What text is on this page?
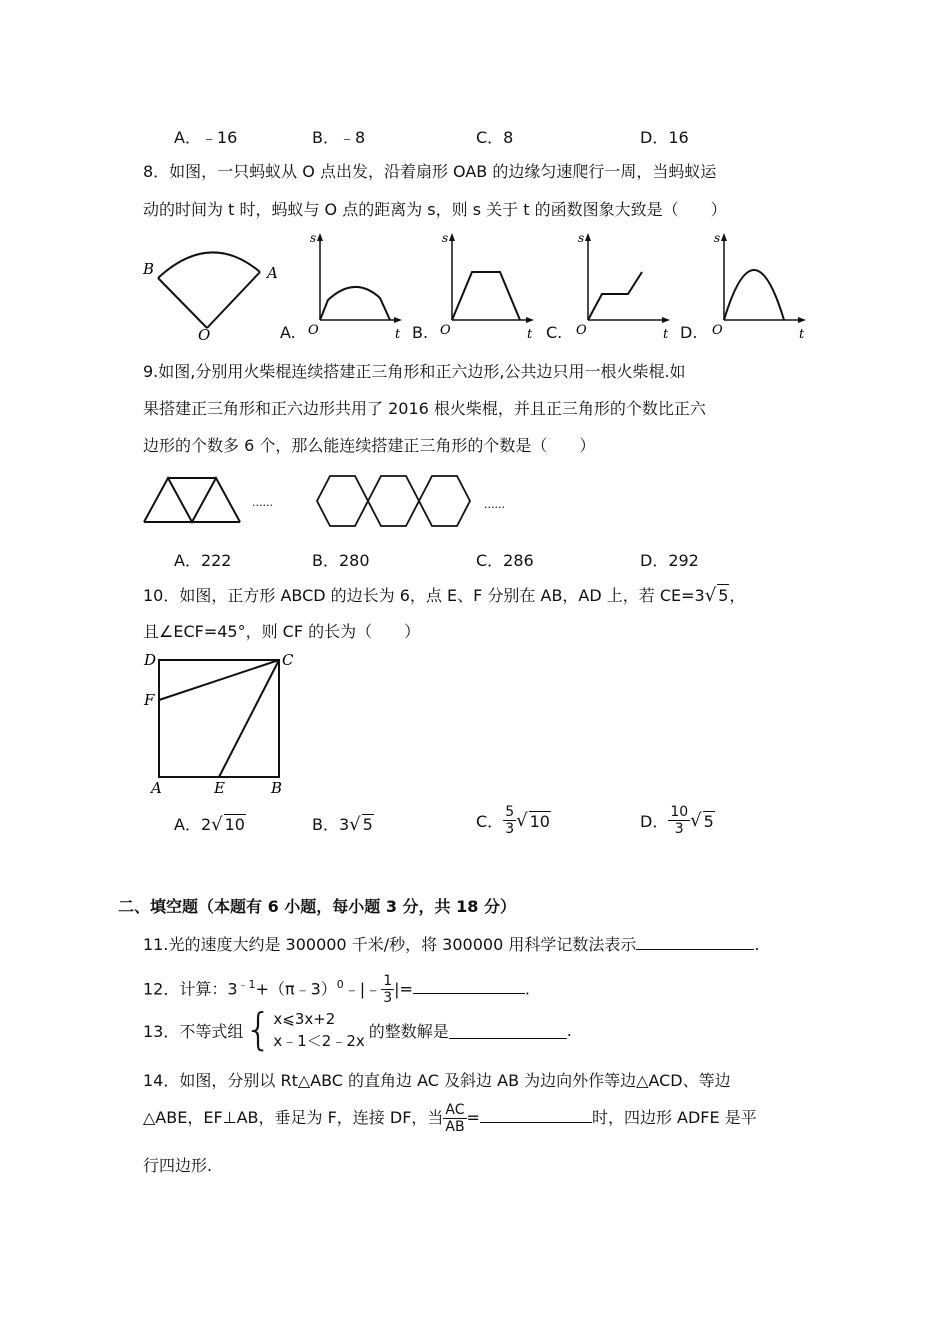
A．﹣16	B．﹣8	C．8	D．16
8．如图，一只蚂蚁从 O 点出发，沿着扇形 OAB 的边缘匀速爬行一周，当蚂蚁运
动的时间为 t 时，蚂蚁与 O 点的距离为 s，则 s 关于 t 的函数图象大致是（　　）
B	A
O
s
O	t
A.
s
O	t
B.
s
O	t
C.
s
O	t
D.
9.如图,分别用火柴棍连续搭建正三角形和正六边形,公共边只用一根火柴棍.如
果搭建正三角形和正六边形共用了 2016 根火柴棍，并且正三角形的个数比正六
边形的个数多 6 个，那么能连续搭建正三角形的个数是（　　）
......	......
A．222	B．280	C．286	D．292
10．如图，正方形 ABCD 的边长为 6，点 E、F 分别在 AB，AD 上，若 CE=3√ 5，
且∠ECF=45°，则 CF 的长为（　　）
D	C
F
A	E	B
A．2√ 10	B．3√ 5	C． $\frac{5}{3}$ √ 10	D． $\frac{10}{3}$ √ 5
二、填空题（本题有 6 小题，每小题 3 分，共 18 分）
11.光的速度大约是 300000 千米/秒，将 300000 用科学记数法表示	.
12．计算：$3^{﹣1}+(\pi﹣3)^0﹣|﹣ \frac{1}{3}$ |=	.
13．不等式组 { x⩽3x+2
x﹣1＜2﹣2x
的整数解是	.
14．如图，分别以 Rt△ABC 的直角边 AC 及斜边 AB 为边向外作等边△ACD、等边
△ABE，EF⊥AB，垂足为 F，连接 DF，当 $\frac{AC}{AB}$ =	时，四边形 ADFE 是平
行四边形.
